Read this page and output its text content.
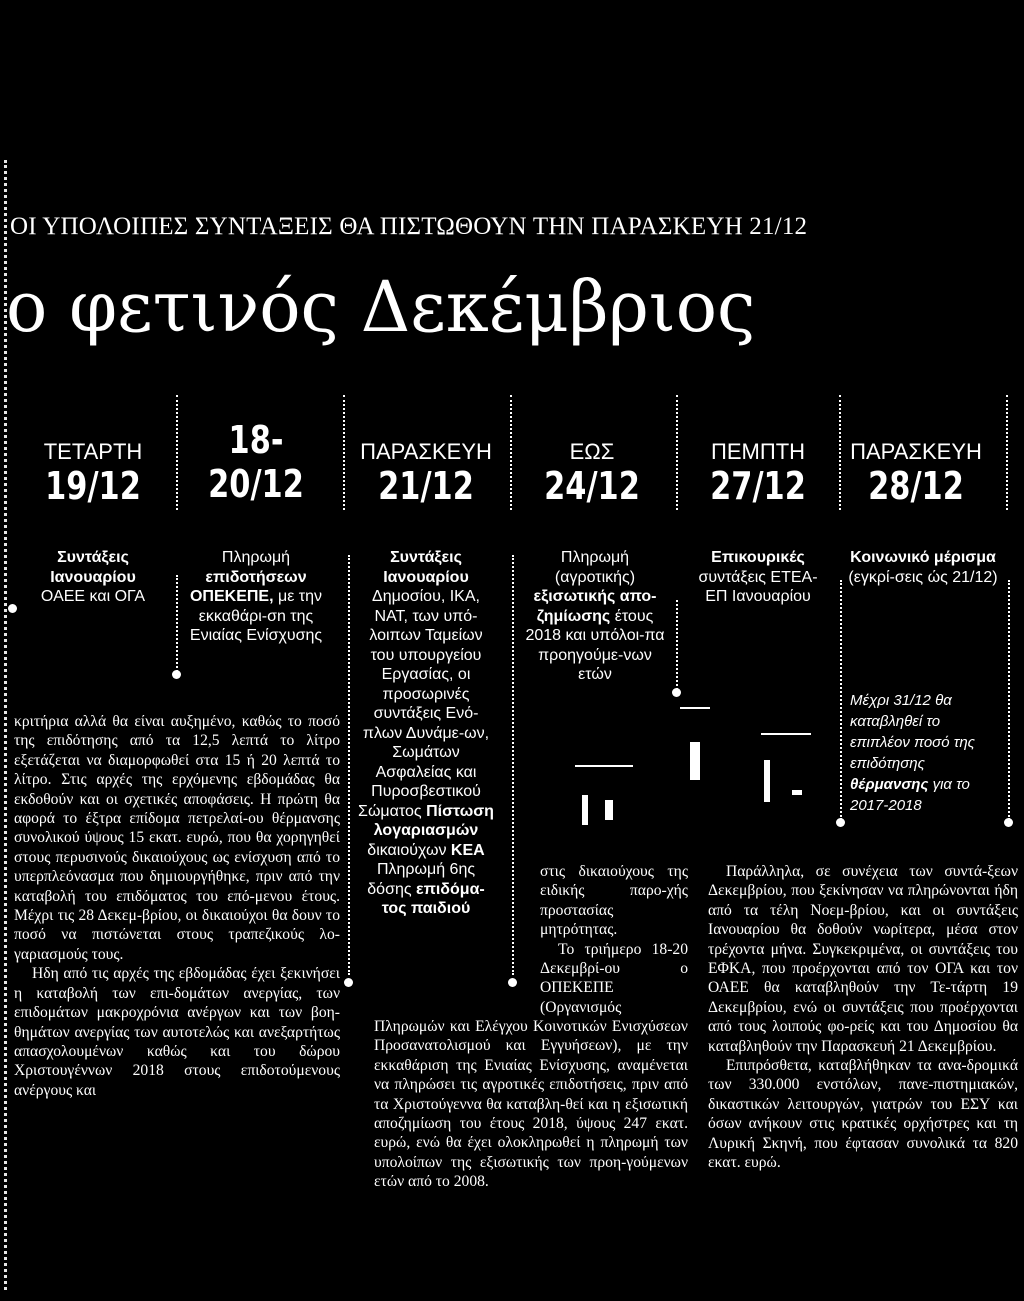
ΟΙ ΥΠΟΛΟΙΠΕΣ ΣΥΝΤΑΞΕΙΣ ΘΑ ΠΙΣΤΩΘΟΥΝ ΤΗΝ ΠΑΡΑΣΚΕΥΗ 21/12
ο φετινός Δεκέμβριος
ΤΕΤΑΡΤΗ
19/12
18-
20/12
ΠΑΡΑΣΚΕΥΗ
21/12
ΕΩΣ
24/12
ΠΕΜΠΤΗ
27/12
ΠΑΡΑΣΚΕΥΗ
28/12
Συντάξεις Ιανουαρίου
ΟΑΕΕ και ΟΓΑ
Πληρωμή
επιδοτήσεων ΟΠΕΚΕΠΕ, με την εκκαθάρι-σn της Ενιαίας Ενίσχυσης
Συντάξεις Ιανουαρίου Δημοσίου, ΙΚΑ, ΝΑΤ, των υπό-λοιπων Ταμείων του υπουργείου Εργασίας, οι προσωρινές συντάξεις Ενό-πλων Δυνάμε-ων, Σωμάτων Ασφαλείας και Πυροσβεστικού Σώματος Πίστωση λογαριασμών δικαιούχων ΚΕΑ Πληρωμή 6ης δόσης επιδόμα-τος παιδιού
Πληρωμή (αγροτικής) εξισωτικής απο-ζημίωσης έτους 2018 και υπόλοι-πα προηγούμε-νων ετών
Επικουρικές συντάξεις ΕΤΕΑ-ΕΠ Ιανουαρίου
Κοινωνικό μέρισμα (εγκρί-σεις ώς 21/12)
Μέχρι 31/12 θα καταβληθεί το επιπλέον ποσό της επιδότησης θέρμανσης για το 2017-2018

κριτήρια αλλά θα είναι αυξημένο, καθώς το ποσό της επιδότησης από τα 12,5 λεπτά το λίτρο εξετάζεται να διαμορφωθεί στα 15 ή 20 λεπτά το λίτρο. Στις αρχές της ερχόμενης εβδομάδας θα εκδοθούν και οι σχετικές αποφάσεις. Η πρώτη θα αφορά το έξτρα επίδομα πετρελαί-ου θέρμανσης συνολικού ύψους 15 εκατ. ευρώ, που θα χορηγηθεί στους περυσινούς δικαιούχους ως ενίσχυση από το υπερπλεόνασμα που δημιουργήθηκε, πριν από την καταβολή του επιδόματος του επό-μενου έτους. Μέχρι τις 28 Δεκεμ-βρίου, οι δικαιούχοι θα δουν το ποσό να πιστώνεται στους τραπεζικούς λο-γαριασμούς τους.

Ηδη από τις αρχές της εβδομάδας έχει ξεκινήσει η καταβολή των επι-δομάτων ανεργίας, των επιδομάτων μακροχρόνια ανέργων και των βοη-θημάτων ανεργίας των αυτοτελώς και ανεξαρτήτως απασχολουμένων καθώς και του δώρου Χριστουγέννων 2018 στους επιδοτούμενους ανέργους και

στις δικαιούχους της ειδικής παρο-χής προστασίας μητρότητας.

Το τριήμερο 18-20 Δεκεμβρί-ου ο ΟΠΕΚΕΠΕ (Οργανισμός

Πληρωμών και Ελέγχου Κοινοτικών Ενισχύσεων Προσανατολισμού και Εγγυήσεων), με την εκκαθάριση της Ενιαίας Ενίσχυσης, αναμένεται να πληρώσει τις αγροτικές επιδοτήσεις, πριν από τα Χριστούγεννα θα καταβλη-θεί και η εξισωτική αποζημίωση του έτους 2018, ύψους 247 εκατ. ευρώ, ενώ θα έχει ολοκληρωθεί η πληρωμή των υπολοίπων της εξισωτικής των προη-γούμενων ετών από το 2008.

Παράλληλα, σε συνέχεια των συντά-ξεων Δεκεμβρίου, που ξεκίνησαν να πληρώνονται ήδη από τα τέλη Νοεμ-βρίου, και οι συντάξεις Ιανουαρίου θα δοθούν νωρίτερα, μέσα στον τρέχοντα μήνα. Συγκεκριμένα, οι συντάξεις του ΕΦΚΑ, που προέρχονται από τον ΟΓΑ και τον ΟΑΕΕ θα καταβληθούν την Τε-τάρτη 19 Δεκεμβρίου, ενώ οι συντάξεις που προέρχονται από τους λοιπούς φο-ρείς και του Δημοσίου θα καταβληθούν την Παρασκευή 21 Δεκεμβρίου.

Επιπρόσθετα, καταβλήθηκαν τα ανα-δρομικά των 330.000 ενστόλων, πανε-πιστημιακών, δικαστικών λειτουργών, γιατρών του ΕΣΥ και όσων ανήκουν στις κρατικές ορχήστρες και τη Λυρική Σκηνή, που έφτασαν συνολικά τα 820 εκατ. ευρώ.
